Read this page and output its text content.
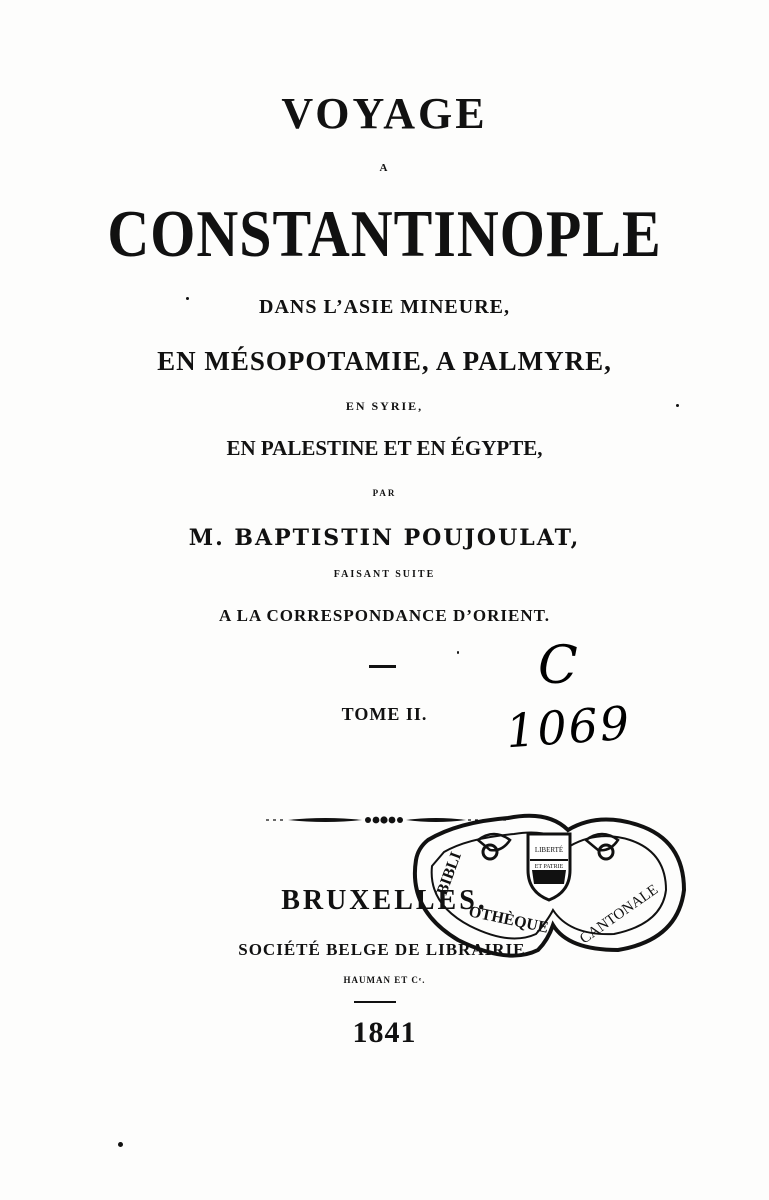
VOYAGE
A
CONSTANTINOPLE
DANS L’ASIE MINEURE,
EN MÉSOPOTAMIE, A PALMYRE,
EN SYRIE,
EN PALESTINE ET EN ÉGYPTE,
PAR
M. BAPTISTIN POUJOULAT,
FAISANT SUITE
A LA CORRESPONDANCE D’ORIENT.
TOME II.
C
1069
LIBERTÉ
ET PATRIE
BIBLI
OTHÈQUE CANTONALE
BRUXELLES.
SOCIÉTÉ BELGE DE LIBRAIRIE.
HAUMAN ET Cᵉ.
1841
